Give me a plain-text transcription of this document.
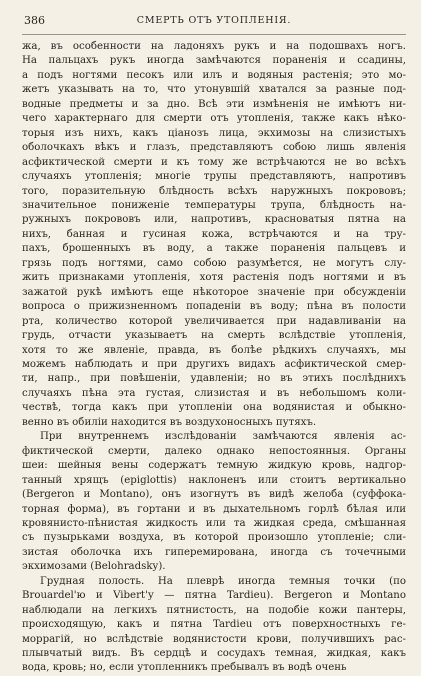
386	СМЕРТЬ ОТЪ УТОПЛЕНІЯ.
жа, въ особенности на ладоняхъ рукъ и на подошвахъ ногъ.
На пальцахъ рукъ иногда замѣчаются пораненія и ссадины,
а подъ ногтями песокъ или илъ и водяныя растенія; это мо-
жетъ указывать на то, что утонувшій хватался за разные под-
водные предметы и за дно. Всѣ эти измѣненія не имѣютъ ни-
чего характернаго для смерти отъ утопленія, также какъ нѣко-
торыя изъ нихъ, какъ ціанозъ лица, экхимозы на слизистыхъ
оболочкахъ вѣкъ и глазъ, представляютъ собою лишь явленія
асфиктической смерти и къ тому же встрѣчаются не во всѣхъ
случаяхъ утопленія; многіе трупы представляютъ, напротивъ
того, поразительную блѣдность всѣхъ наружныхъ покрововъ;
значительное пониженіе температуры трупа, блѣдность на-
ружныхъ покрововъ или, напротивъ, красноватыя пятна на
нихъ, банная и гусиная кожа, встрѣчаются и на тру-
пахъ, брошенныхъ въ воду, а также пораненія пальцевъ и
грязь подъ ногтями, само собою разумѣется, не могутъ слу-
жить признаками утопленія, хотя растенія подъ ногтями и въ
зажатой рукѣ имѣютъ еще нѣкоторое значеніе при обсужденіи
вопроса о прижизненномъ попаденіи въ воду; пѣна въ полости
рта, количество которой увеличивается при надавливаніи на
грудь, отчасти указываетъ на смерть вслѣдствіе утопленія,
хотя то же явленіе, правда, въ болѣе рѣдкихъ случаяхъ, мы
можемъ наблюдать и при другихъ видахъ асфиктической смер-
ти, напр., при повѣшеніи, удавленіи; но въ этихъ послѣднихъ
случаяхъ пѣна эта густая, слизистая и въ небольшомъ коли-
чествѣ, тогда какъ при утопленіи она водянистая и обыкно-
венно въ обиліи находится въ воздухоносныхъ путяхъ.
При внутреннемъ изслѣдованіи замѣчаются явленія ас-
фиктической смерти, далеко однако непостоянныя. Органы
шеи: шейныя вены содержатъ темную жидкую кровь, надгор-
танный хрящъ (epiglottis) наклоненъ или стоитъ вертикально
(Bergeron и Montano), онъ изогнутъ въ видѣ желоба (суффока-
торная форма), въ гортани и въ дыхательномъ горлѣ бѣлая или
кровянисто-пѣнистая жидкость или та жидкая среда, смѣшанная
съ пузырьками воздуха, въ которой произошло утопленіе; сли-
зистая оболочка ихъ гиперемирована, иногда съ точечными
экхимозами (Belohradsky).
Грудная полость. На плеврѣ иногда темныя точки (по
Brouardel'ю и Vibert'у — пятна Tardieu). Bergeron и Montano
наблюдали на легкихъ пятнистость, на подобіе кожи пантеры,
происходящую, какъ и пятна Tardieu отъ поверхностныхъ ге-
моррагій, но вслѣдствіе водянистости крови, получившихъ рас-
плывчатый видъ. Въ сердцѣ и сосудахъ темная, жидкая, какъ
вода, кровь; но, если утопленникъ пребывалъ въ водѣ очень
